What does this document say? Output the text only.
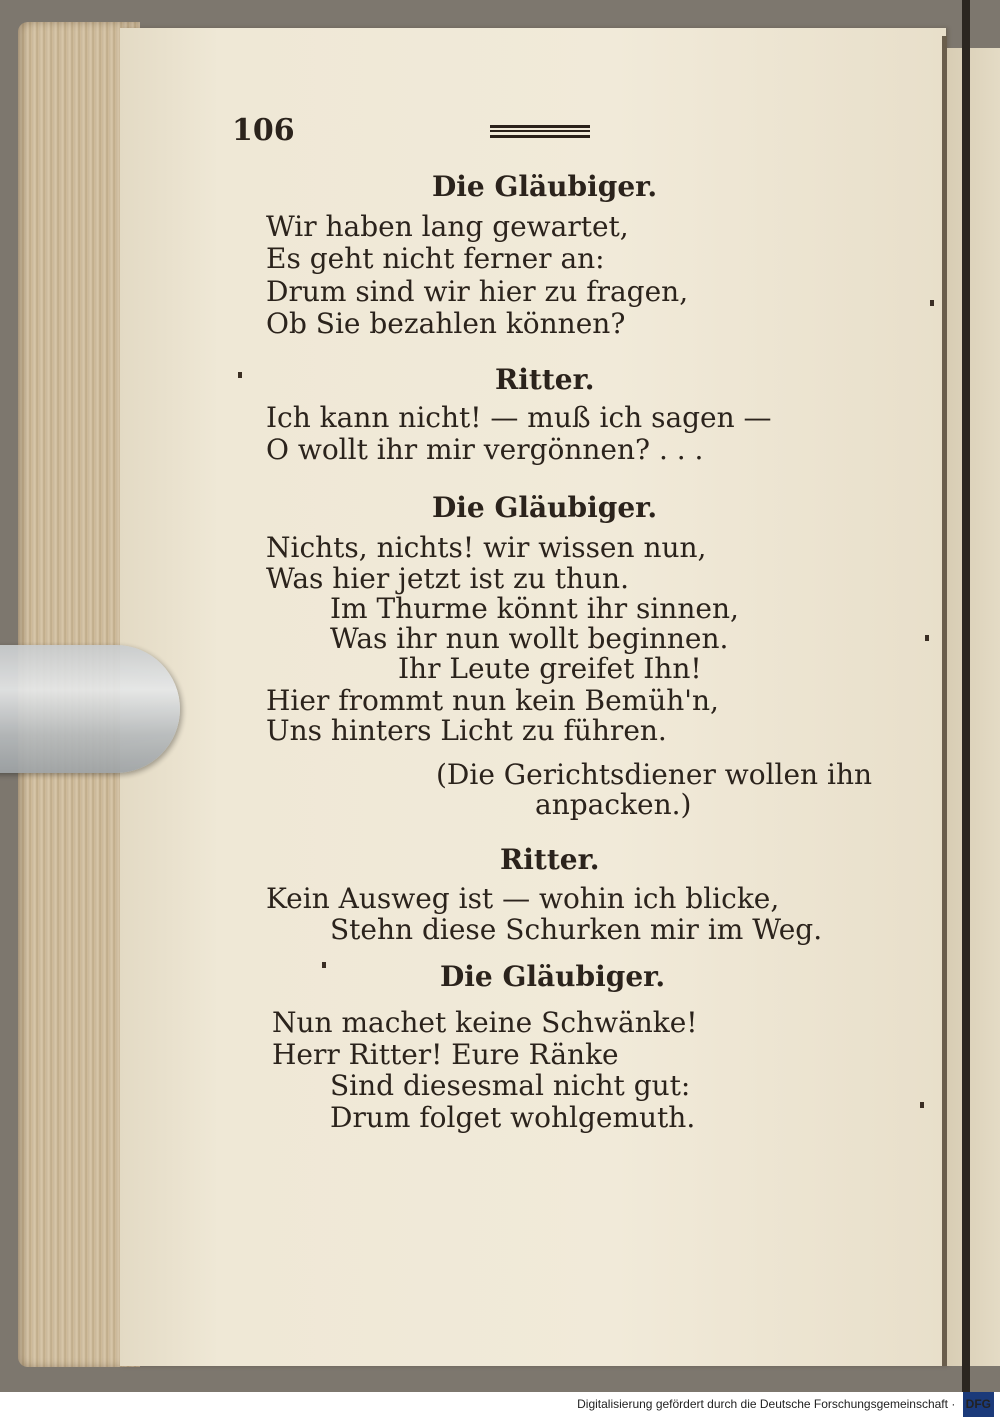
106
Die Gläubiger.
Wir haben lang gewartet,
Es geht nicht ferner an:
Drum sind wir hier zu fragen,
Ob Sie bezahlen können?
Ritter.
Ich kann nicht! — muß ich sagen —
O wollt ihr mir vergönnen? . . .
Die Gläubiger.
Nichts, nichts! wir wissen nun,
Was hier jetzt ist zu thun.
Im Thurme könnt ihr sinnen,
Was ihr nun wollt beginnen.
Ihr Leute greifet Ihn!
Hier frommt nun kein Bemüh'n,
Uns hinters Licht zu führen.
(Die Gerichtsdiener wollen ihn
anpacken.)
Ritter.
Kein Ausweg ist — wohin ich blicke,
Stehn diese Schurken mir im Weg.
Die Gläubiger.
Nun machet keine Schwänke!
Herr Ritter! Eure Ränke
Sind diesesmal nicht gut:
Drum folget wohlgemuth.
Digitalisierung gefördert durch die Deutsche Forschungsgemeinschaft · DFG
